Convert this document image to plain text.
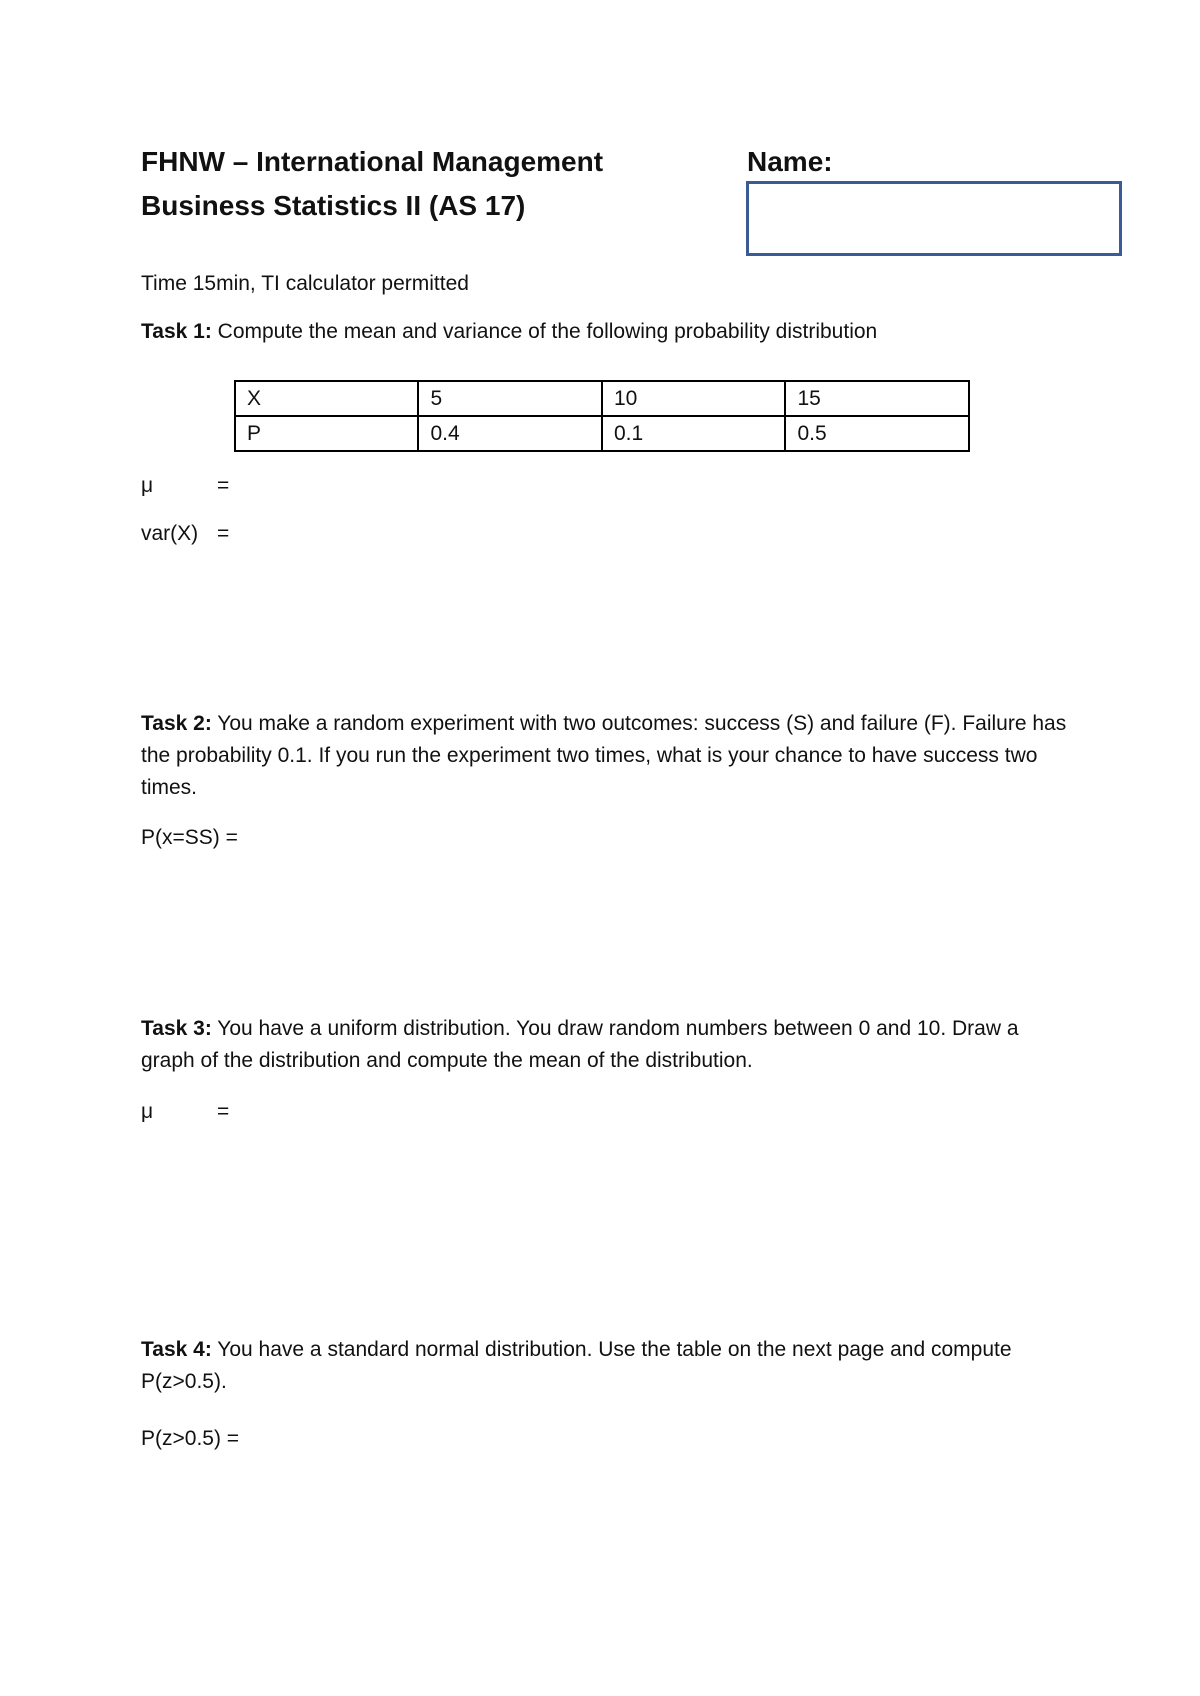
FHNW – International Management
Business Statistics II (AS 17)
Name:
Time 15min, TI calculator permitted
Task 1: Compute the mean and variance of the following probability distribution
X	5	10	15
P	0.4	0.1	0.5
μ	=
var(X) =
Task 2: You make a random experiment with two outcomes: success (S) and failure (F). Failure has the probability 0.1. If you run the experiment two times, what is your chance to have success two times.
P(x=SS) =
Task 3: You have a uniform distribution. You draw random numbers between 0 and 10. Draw a graph of the distribution and compute the mean of the distribution.
μ	=
Task 4: You have a standard normal distribution. Use the table on the next page and compute P(z>0.5).
P(z>0.5) =
